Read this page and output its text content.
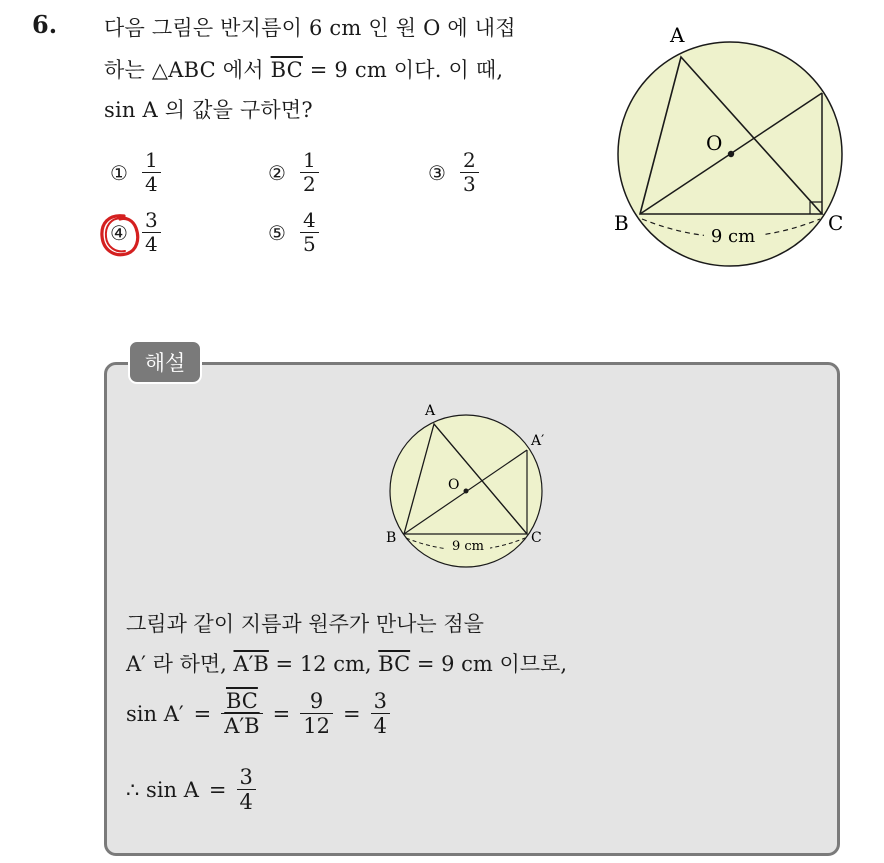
6. 다음 그림은 반지름이 6 cm 인 원 O 에 내접
하는 △ABC 에서 $\overline{BC} = 9$ cm 이다. 이 때,
sin A 의 값을 구하면?
① $\frac{1}{4}$	② $\frac{1}{2}$	③ $\frac{2}{3}$
④ $\frac{3}{4}$	⑤ $\frac{4}{5}$	9 cm
A
O
B	C
해설
9 cm
A
A′
O
B	C
그림과 같이 지름과 원주가 만나는 점을
A′ 라 하면, A′B = 12 cm, $\overline{BC} = 9$ cm 이므로,
$\sin A' = \frac{\overline{BC}}{A'B} = \frac{9}{12} = \frac{3}{4}$
∴ $\sin A = \frac{3}{4}$
